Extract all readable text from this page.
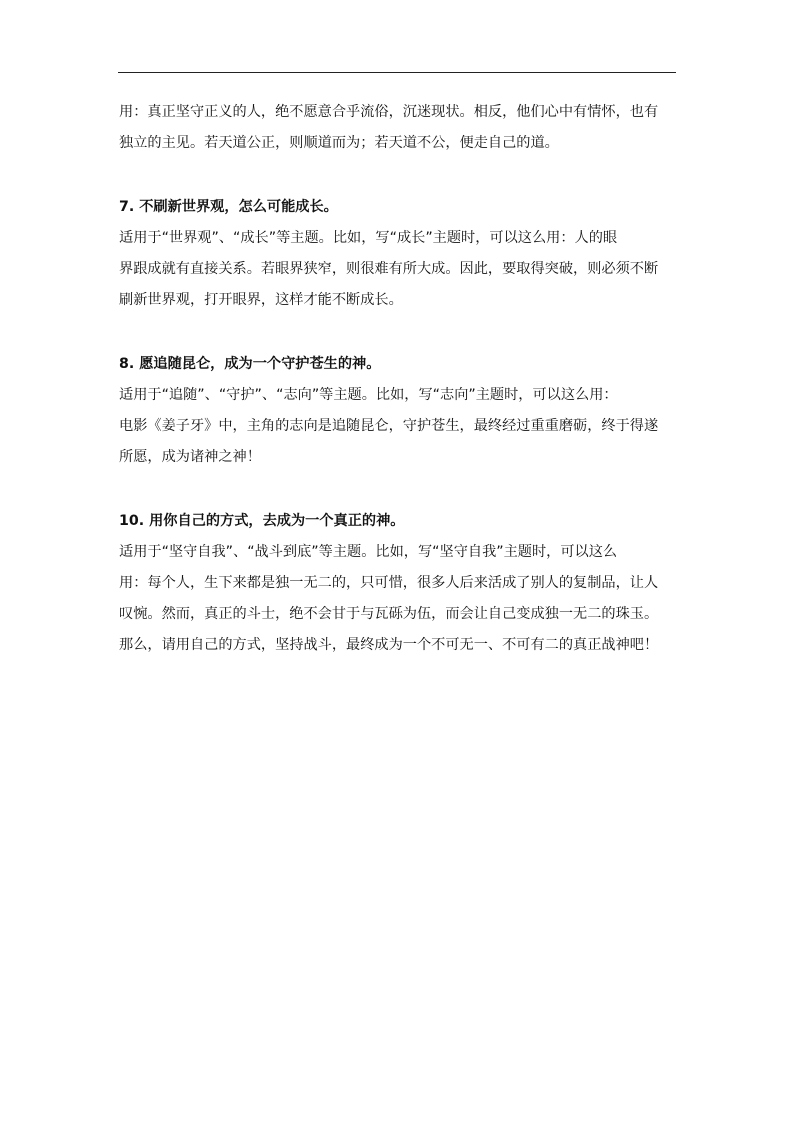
用：真正坚守正义的人，绝不愿意合乎流俗，沉迷现状。相反，他们心中有情怀，也有
独立的主见。若天道公正，则顺道而为；若天道不公，便走自己的道。
7. 不刷新世界观，怎么可能成长。
适用于“世界观”、“成长”等主题。比如，写“成长”主题时，可以这么用：人的眼
界跟成就有直接关系。若眼界狭窄，则很难有所大成。因此，要取得突破，则必须不断
刷新世界观，打开眼界，这样才能不断成长。
8. 愿追随昆仑，成为一个守护苍生的神。
适用于“追随”、“守护”、“志向”等主题。比如，写“志向”主题时，可以这么用：
电影《姜子牙》中，主角的志向是追随昆仑，守护苍生，最终经过重重磨砺，终于得遂
所愿，成为诸神之神！
10. 用你自己的方式，去成为一个真正的神。
适用于“坚守自我”、“战斗到底”等主题。比如，写“坚守自我”主题时，可以这么
用：每个人，生下来都是独一无二的，只可惜，很多人后来活成了别人的复制品，让人
叹惋。然而，真正的斗士，绝不会甘于与瓦砾为伍，而会让自己变成独一无二的珠玉。
那么，请用自己的方式，坚持战斗，最终成为一个不可无一、不可有二的真正战神吧！
